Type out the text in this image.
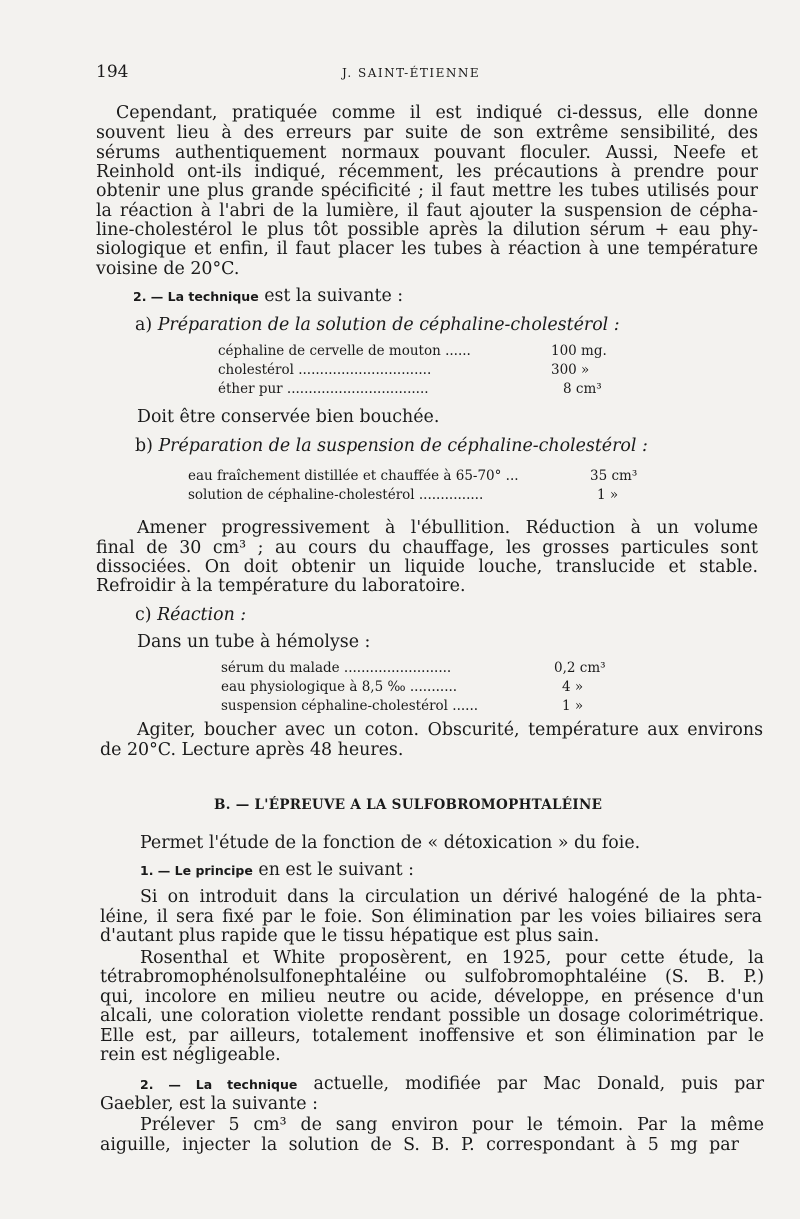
194	J. SAINT-ÉTIENNE
Cependant, pratiquée comme il est indiqué ci-dessus, elle donne
souvent lieu à des erreurs par suite de son extrême sensibilité, des
sérums authentiquement normaux pouvant floculer. Aussi, Neefe et
Reinhold ont-ils indiqué, récemment, les précautions à prendre pour
obtenir une plus grande spécificité ; il faut mettre les tubes utilisés pour
la réaction à l'abri de la lumière, il faut ajouter la suspension de cépha-
line-cholestérol le plus tôt possible après la dilution sérum + eau phy-
siologique et enfin, il faut placer les tubes à réaction à une température
voisine de 20°C.
2. — La technique est la suivante :
a) Préparation de la solution de céphaline-cholestérol :
céphaline de cervelle de mouton ......	100 mg.
cholestérol ...............................	300 »
éther pur .................................	8 cm³
Doit être conservée bien bouchée.
b) Préparation de la suspension de céphaline-cholestérol :
eau fraîchement distillée et chauffée à 65-70° ...	35 cm³
solution de céphaline-cholestérol ...............	1 »
Amener progressivement à l'ébullition. Réduction à un volume
final de 30 cm³ ; au cours du chauffage, les grosses particules sont
dissociées. On doit obtenir un liquide louche, translucide et stable.
Refroidir à la température du laboratoire.
c) Réaction :
Dans un tube à hémolyse :
sérum du malade .........................	0,2 cm³
eau physiologique à 8,5 ‰ ...........	4 »
suspension céphaline-cholestérol ......	1 »
Agiter, boucher avec un coton. Obscurité, température aux environs
de 20°C. Lecture après 48 heures.
B. — L'ÉPREUVE A LA SULFOBROMOPHTALÉINE
Permet l'étude de la fonction de « détoxication » du foie.
1. — Le principe en est le suivant :
Si on introduit dans la circulation un dérivé halogéné de la phta-
léine, il sera fixé par le foie. Son élimination par les voies biliaires sera
d'autant plus rapide que le tissu hépatique est plus sain.
Rosenthal et White proposèrent, en 1925, pour cette étude, la
tétrabromophénolsulfonephtaléine ou sulfobromophtaléine (S. B. P.)
qui, incolore en milieu neutre ou acide, développe, en présence d'un
alcali, une coloration violette rendant possible un dosage colorimétrique.
Elle est, par ailleurs, totalement inoffensive et son élimination par le
rein est négligeable.
2. — La technique actuelle, modifiée par Mac Donald, puis par
Gaebler, est la suivante :
Prélever 5 cm³ de sang environ pour le témoin. Par la même
aiguille, injecter la solution de S. B. P. correspondant à 5 mg par
